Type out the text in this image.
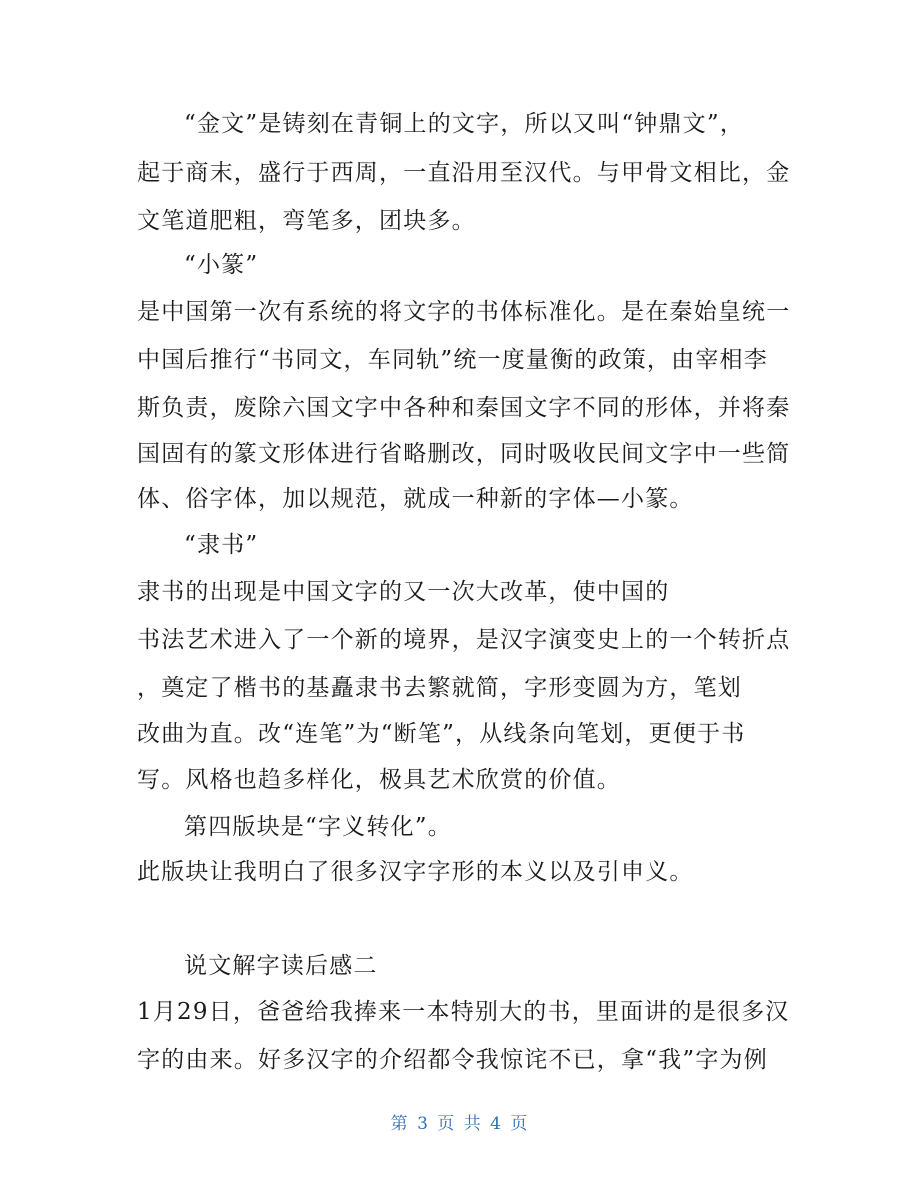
“金文”是铸刻在青铜上的文字，所以又叫“钟鼎文”，
起于商末，盛行于西周，一直沿用至汉代。与甲骨文相比，金
文笔道肥粗，弯笔多，团块多。
“小篆”
是中国第一次有系统的将文字的书体标准化。是在秦始皇统一
中国后推行“书同文，车同轨”统一度量衡的政策，由宰相李
斯负责，废除六国文字中各种和秦国文字不同的形体，并将秦
国固有的篆文形体进行省略删改，同时吸收民间文字中一些简
体、俗字体，加以规范，就成一种新的字体—小篆。
“隶书”
隶书的出现是中国文字的又一次大改革，使中国的
书法艺术进入了一个新的境界，是汉字演变史上的一个转折点
，奠定了楷书的基矗隶书去繁就简，字形变圆为方，笔划
改曲为直。改“连笔”为“断笔”，从线条向笔划，更便于书
写。风格也趋多样化，极具艺术欣赏的价值。
第四版块是“字义转化”。
此版块让我明白了很多汉字字形的本义以及引申义。
说文解字读后感二
1月29日，爸爸给我捧来一本特别大的书，里面讲的是很多汉
字的由来。好多汉字的介绍都令我惊诧不已，拿“我”字为例
第 3 页 共 4 页
